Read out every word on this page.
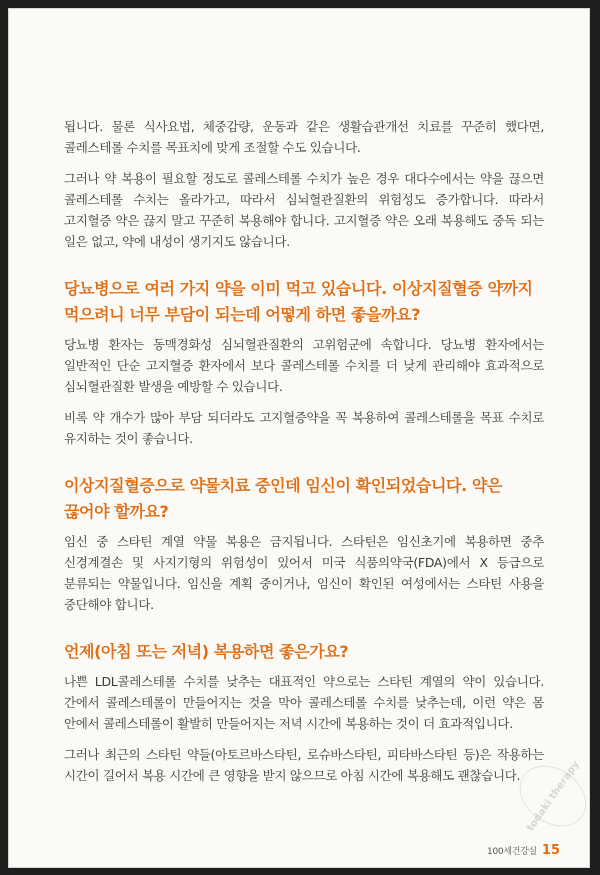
됩니다. 물론 식사요법, 체중감량, 운동과 같은 생활습관개선 치료를 꾸준히 했다면, 콜레스테롤 수치를 목표치에 맞게 조절할 수도 있습니다.

그러나 약 복용이 필요할 정도로 콜레스테롤 수치가 높은 경우 대다수에서는 약을 끊으면 콜레스테롤 수치는 올라가고, 따라서 심뇌혈관질환의 위험성도 증가합니다. 따라서 고지혈증 약은 끊지 말고 꾸준히 복용해야 합니다. 고지혈증 약은 오래 복용해도 중독 되는 일은 없고, 약에 내성이 생기지도 않습니다.

당뇨병으로 여러 가지 약을 이미 먹고 있습니다. 이상지질혈증 약까지 먹으려니 너무 부담이 되는데 어떻게 하면 좋을까요?

당뇨병 환자는 동맥경화성 심뇌혈관질환의 고위험군에 속합니다. 당뇨병 환자에서는 일반적인 단순 고지혈증 환자에서 보다 콜레스테롤 수치를 더 낮게 관리해야 효과적으로 심뇌혈관질환 발생을 예방할 수 있습니다.

비록 약 개수가 많아 부담 되더라도 고지혈증약을 꼭 복용하여 콜레스테롤을 목표 수치로 유지하는 것이 좋습니다.

이상지질혈증으로 약물치료 중인데 임신이 확인되었습니다. 약은 끊어야 할까요?

임신 중 스타틴 계열 약물 복용은 금지됩니다. 스타틴은 임신초기에 복용하면 중추 신경계결손 및 사지기형의 위험성이 있어서 미국 식품의약국(FDA)에서 X 등급으로 분류되는 약물입니다. 임신을 계획 중이거나, 임신이 확인된 여성에서는 스타틴 사용을 중단해야 합니다.

언제(아침 또는 저녁) 복용하면 좋은가요?

나쁜 LDL콜레스테롤 수치를 낮추는 대표적인 약으로는 스타틴 계열의 약이 있습니다. 간에서 콜레스테롤이 만들어지는 것을 막아 콜레스테롤 수치를 낮추는데, 이런 약은 몸 안에서 콜레스테롤이 활발히 만들어지는 저녁 시간에 복용하는 것이 더 효과적입니다.

그러나 최근의 스타틴 약들(아토르바스타틴, 로슈바스타틴, 피타바스타틴 등)은 작용하는 시간이 길어서 복용 시간에 큰 영향을 받지 않으므로 아침 시간에 복용해도 괜찮습니다. todaki therapy
100세건강실 15
